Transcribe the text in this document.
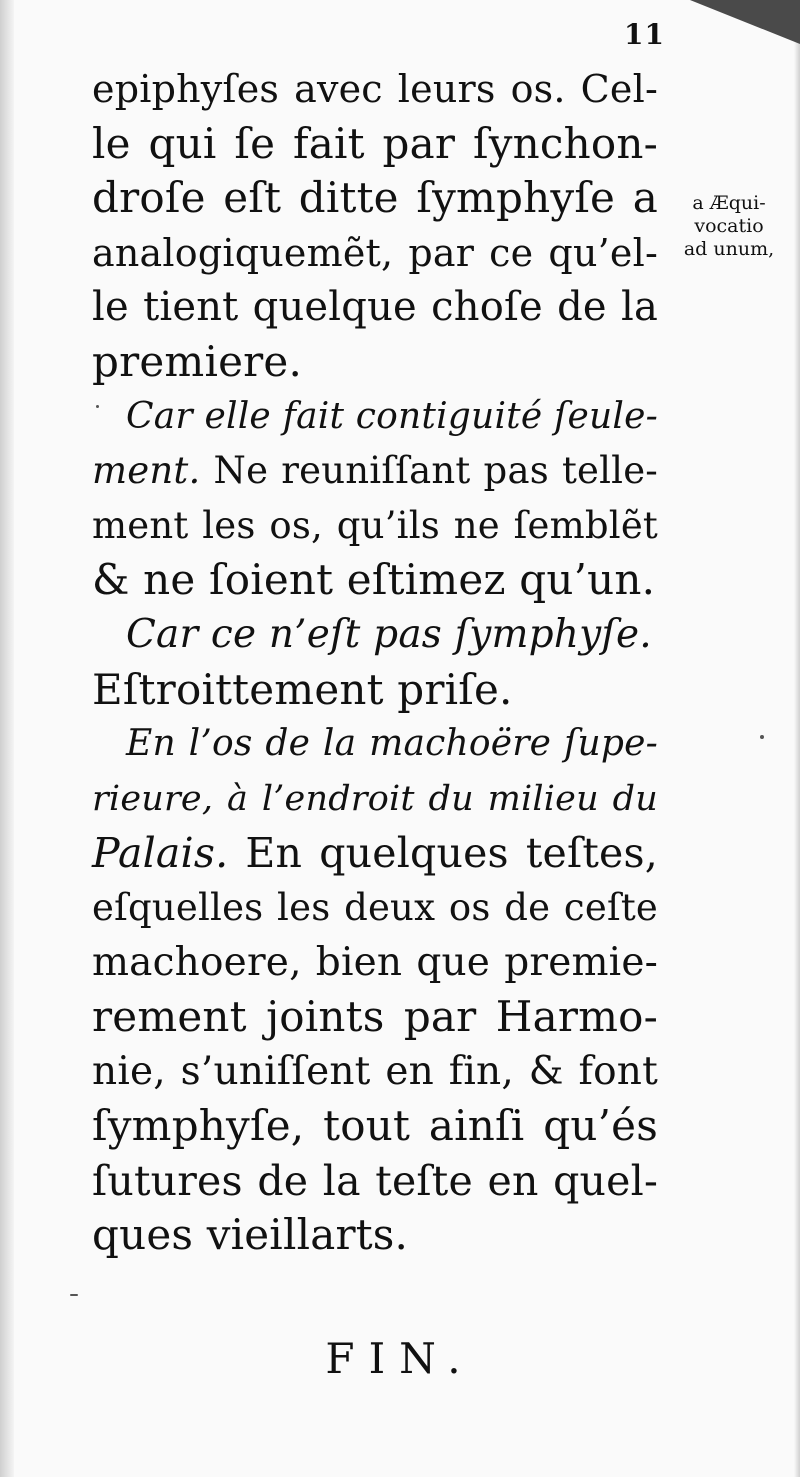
11
epiphyſes avec leurs os. Cel-
le qui ſe fait par ſynchon-
droſe eſt ditte ſymphyſe a
analogiquemẽt, par ce qu’el-
le tient quelque choſe de la
premiere.
Car elle fait contiguité ſeule-
ment. Ne reuniſſant pas telle-
ment les os, qu’ils ne ſemblẽt
& ne ſoient eſtimez qu’un.
Car ce n’eſt pas ſymphyſe.
Eſtroittement priſe.
En l’os de la machoëre ſupe-
rieure, à l’endroit du milieu du
Palais. En quelques teſtes,
eſquelles les deux os de ceſte
machoere, bien que premie-
rement joints par Harmo-
nie, s’uniſſent en fin, & font
ſymphyſe, tout ainſi qu’és
ſutures de la teſte en quel-
ques vieillarts.
a Æqui-
vocatio
ad unum,
FIN.
